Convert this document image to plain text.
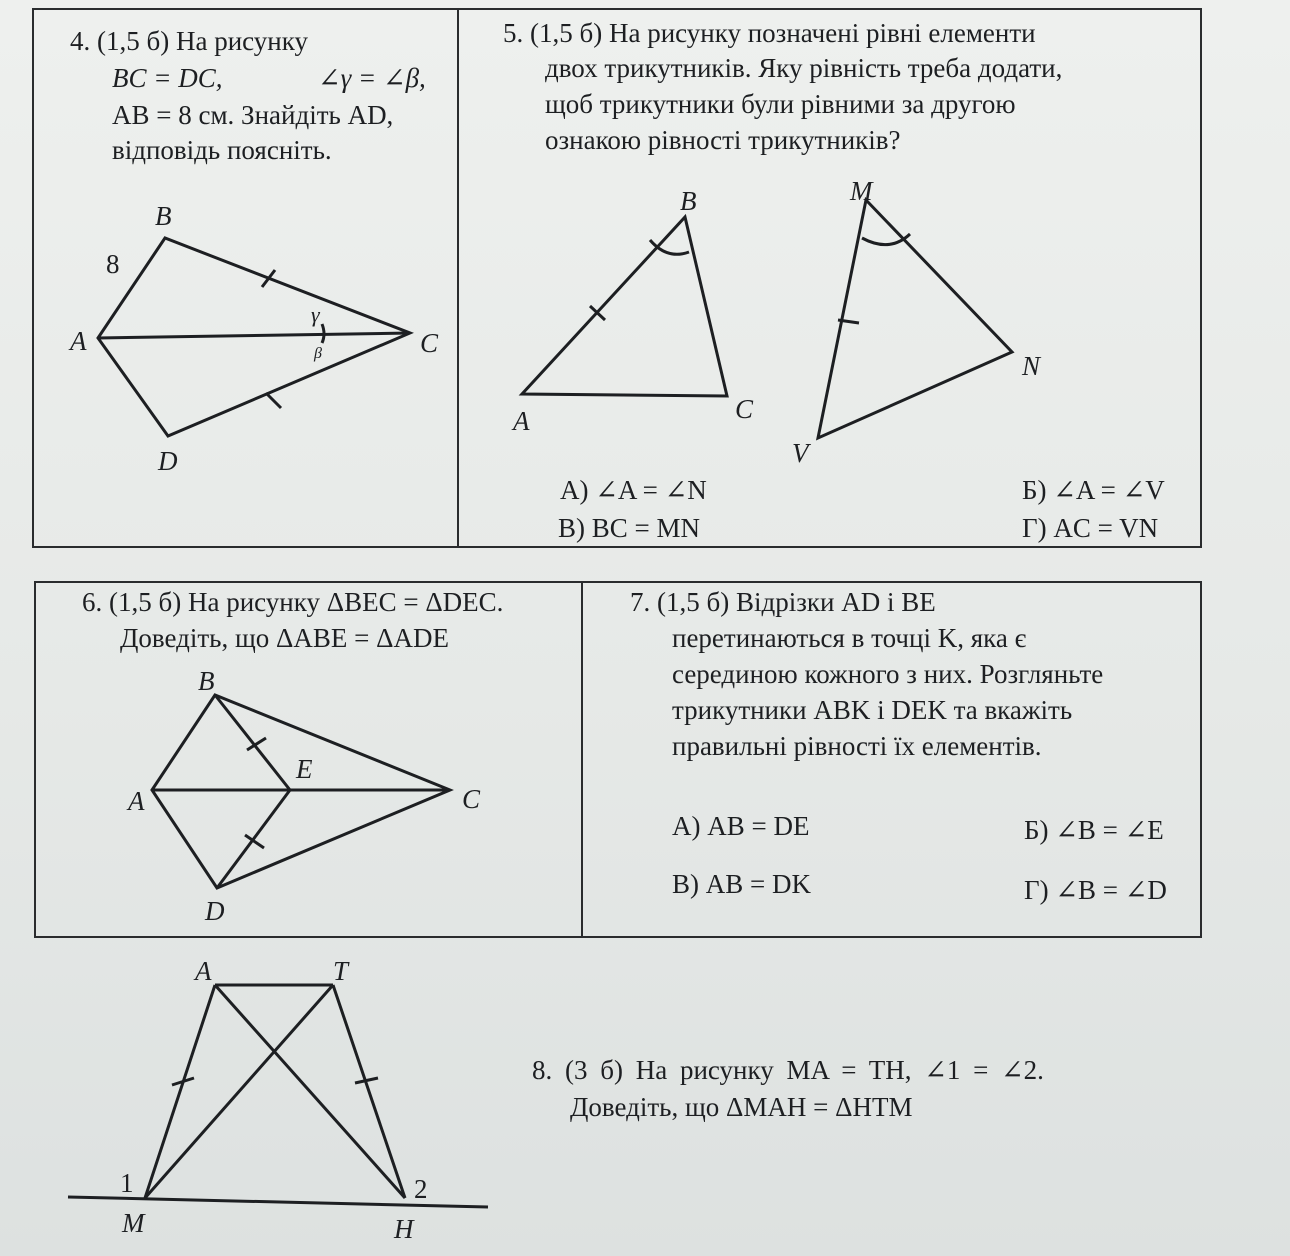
4. (1,5 б) На рисунку
BC = DC,	∠γ = ∠β,
AB = 8 см. Знайдіть AD,
відповідь поясніть.
B
A	C
D
8
γ
β
5. (1,5 б) На рисунку позначені рівні елементи
двох трикутників. Яку рівність треба додати,
щоб трикутники були рівними за другою
ознакою рівності трикутників?
B
A	C
M
N
V
А) ∠A = ∠N	Б) ∠A = ∠V
В) BC = MN	Г) AC = VN
6. (1,5 б) На рисунку ΔBEC = ΔDEC.
Доведіть, що ΔABE = ΔADE
B
E
A	C
D
7. (1,5 б) Відрізки AD і BE
перетинаються в точці K, яка є
серединою кожного з них. Розгляньте
трикутники ABK і DEK та вкажіть
правильні рівності їх елементів.
А) AB = DE	Б) ∠B = ∠E
В) AB = DK	Г) ∠B = ∠D
A	T
M	H
1	2
8. (3 б) На рисунку MA = TH, ∠1 = ∠2.
Доведіть, що ΔMAH = ΔHTM
